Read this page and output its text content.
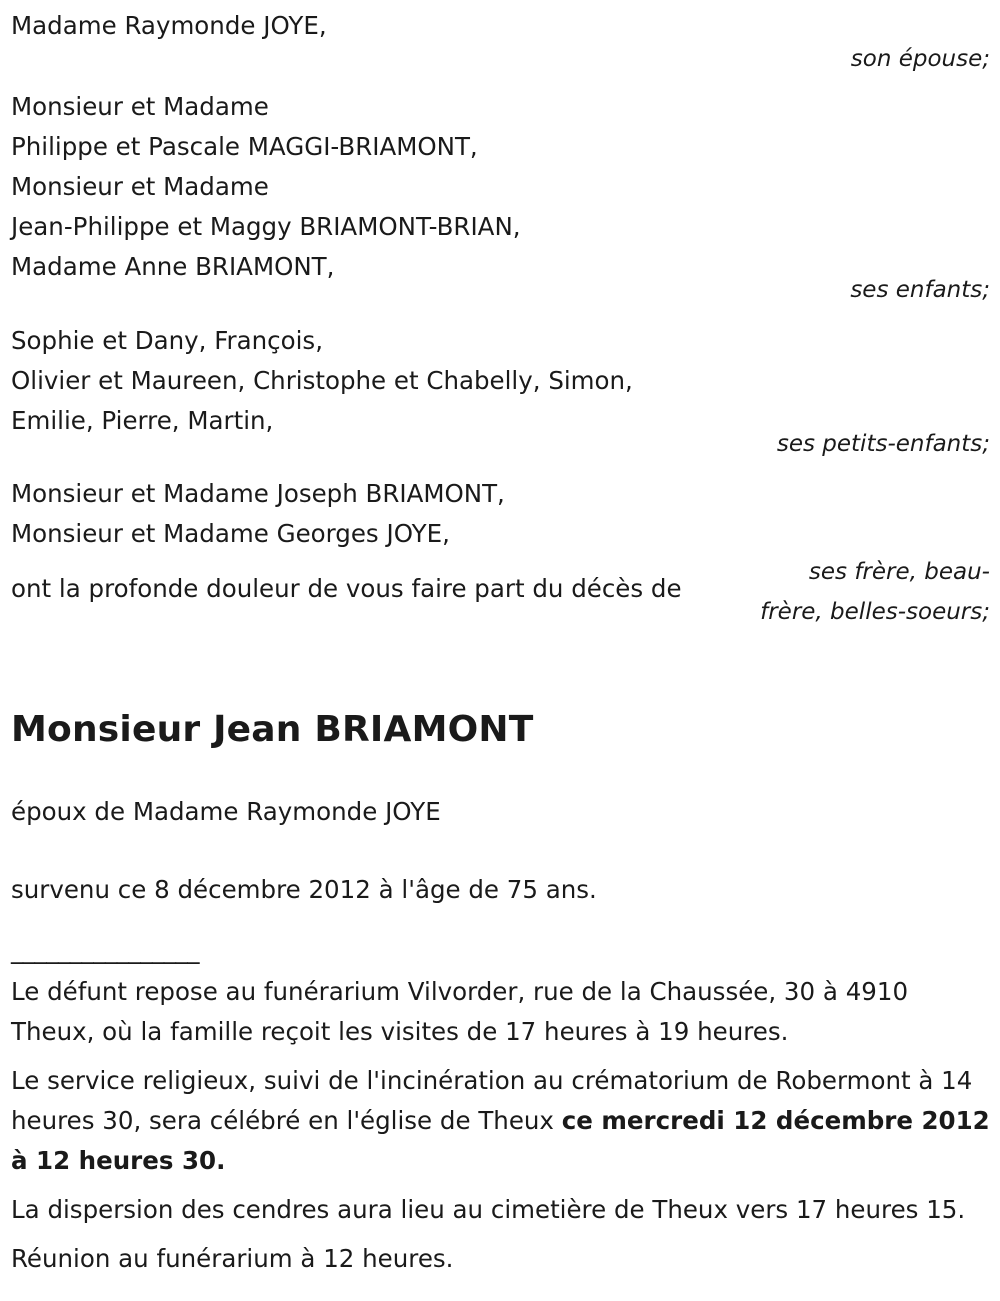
Madame Raymonde JOYE,
son épouse;
Monsieur et Madame
Philippe et Pascale MAGGI-BRIAMONT,
Monsieur et Madame
Jean-Philippe et Maggy BRIAMONT-BRIAN,
Madame Anne BRIAMONT,
ses enfants;
Sophie et Dany, François,
Olivier et Maureen, Christophe et Chabelly, Simon,
Emilie, Pierre, Martin,
ses petits-enfants;
Monsieur et Madame Joseph BRIAMONT,
Monsieur et Madame Georges JOYE,
ont la profonde douleur de vous faire part du décès de
ses frère, beau-frère, belles-soeurs;
Monsieur Jean BRIAMONT
époux de Madame Raymonde JOYE
survenu ce 8 décembre 2012 à l'âge de 75 ans.
________________
Le défunt repose au funérarium Vilvorder, rue de la Chaussée, 30 à 4910 Theux, où la famille reçoit les visites de 17 heures à 19 heures.
Le service religieux, suivi de l'incinération au crématorium de Robermont à 14 heures 30, sera célébré en l'église de Theux ce mercredi 12 décembre 2012 à 12 heures 30.
La dispersion des cendres aura lieu au cimetière de Theux vers 17 heures 15.
Réunion au funérarium à 12 heures.
